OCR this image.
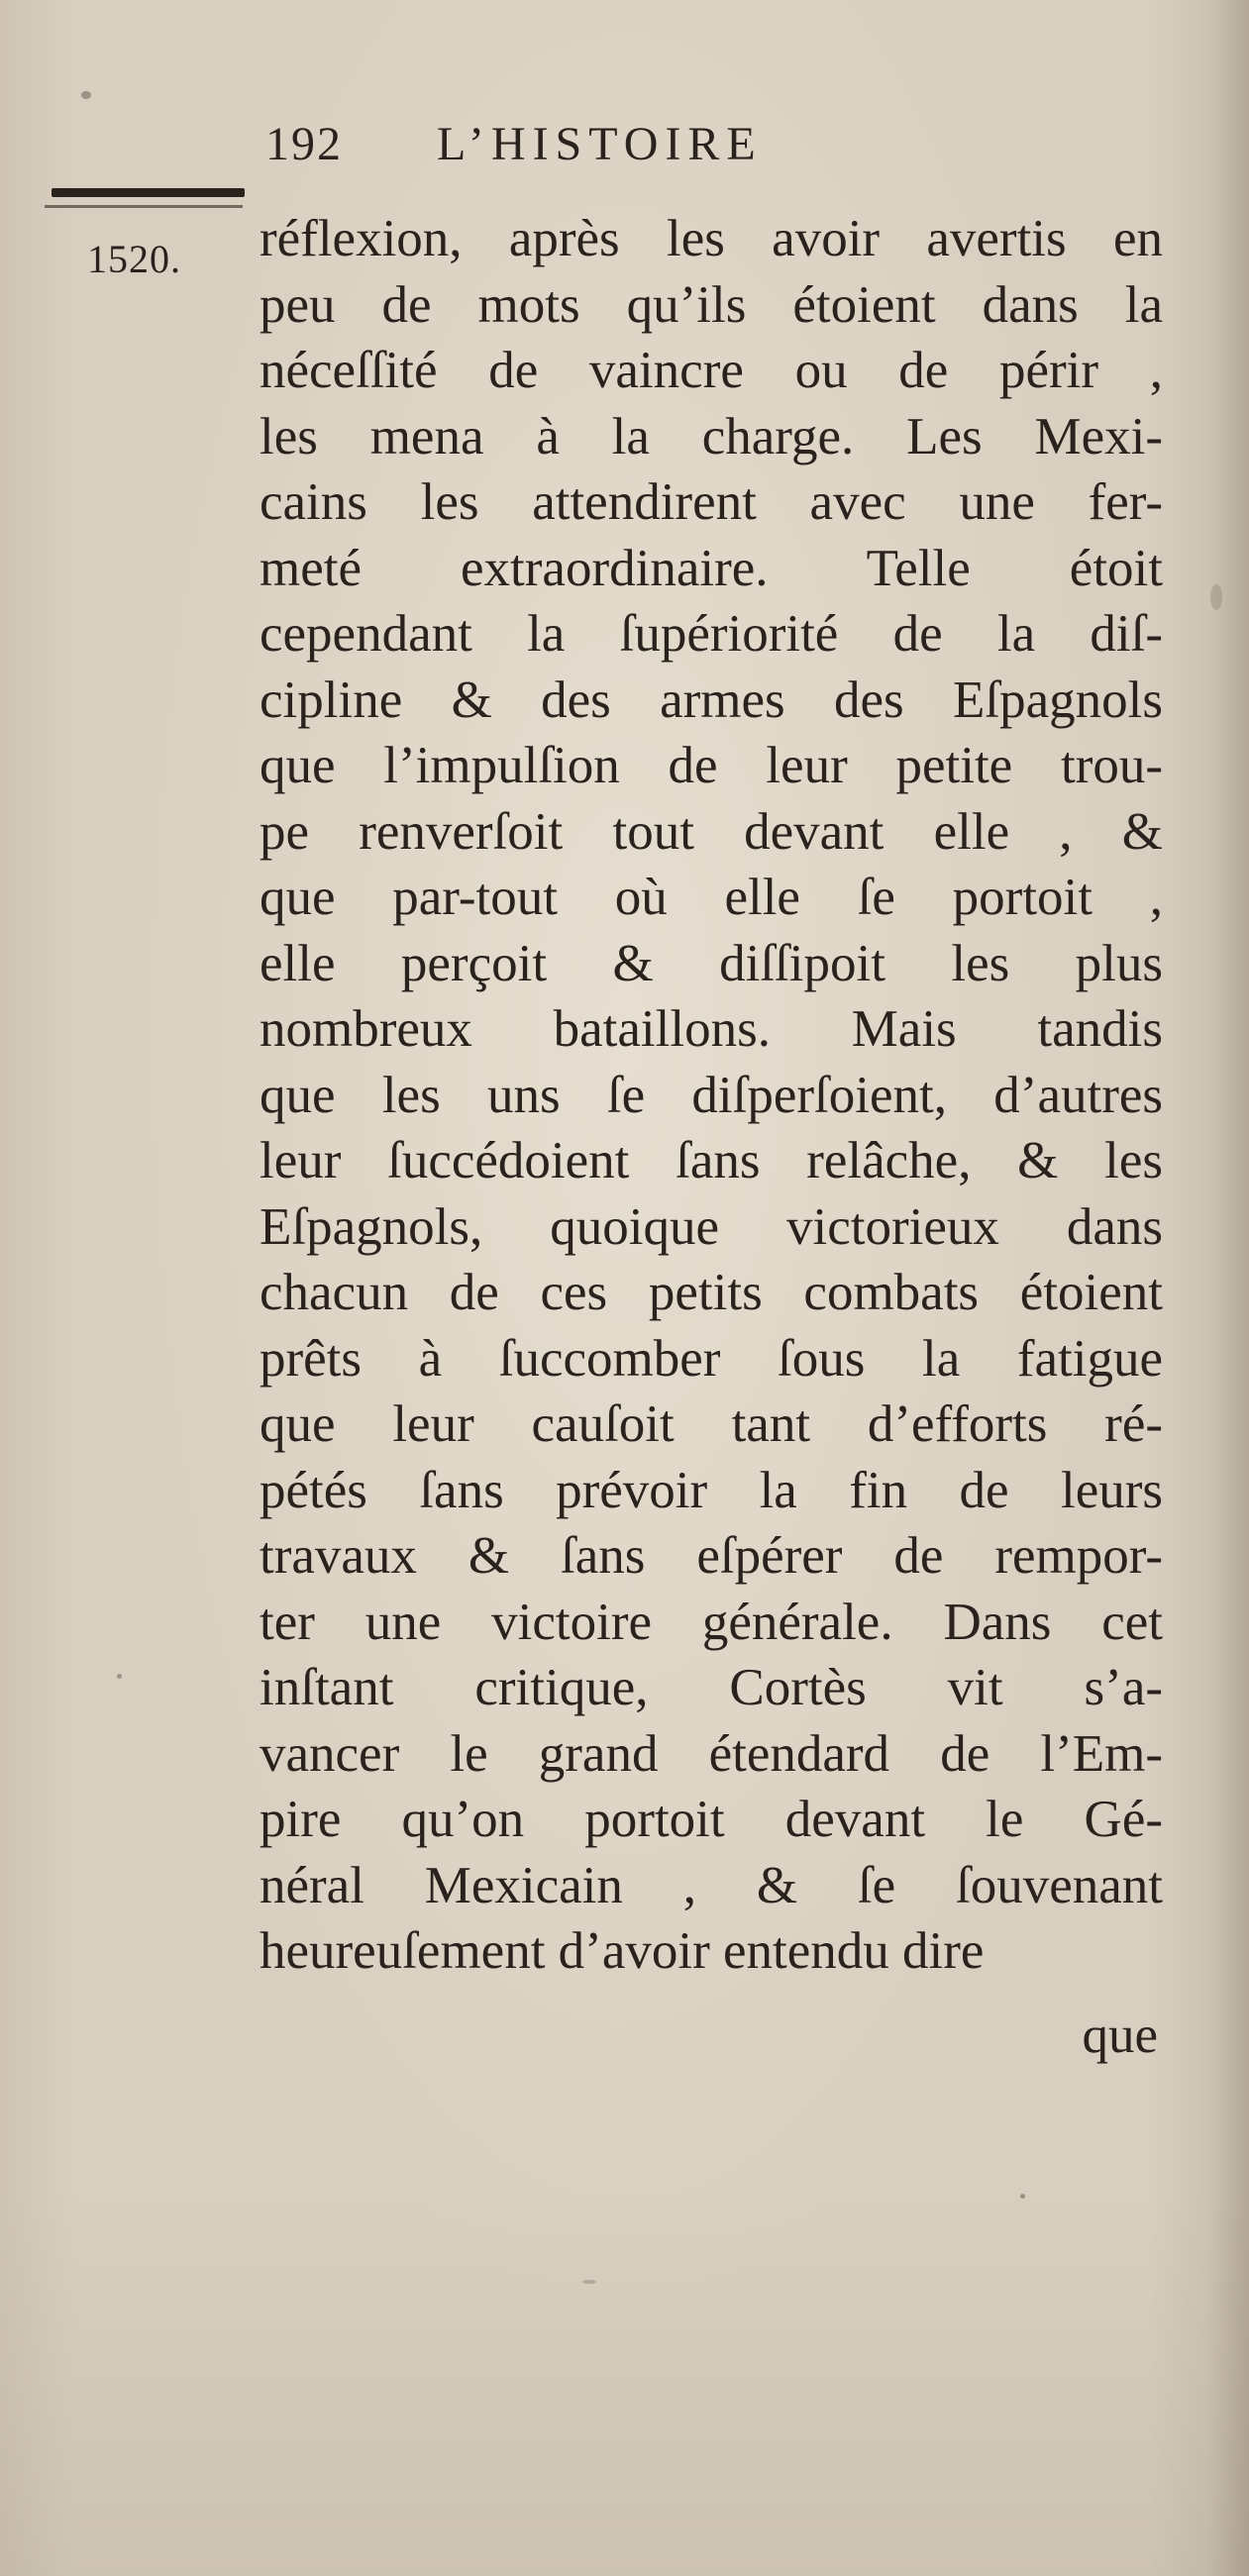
192 L’HISTOIRE
1520. réflexion, après les avoir avertis en
peu de mots qu’ils étoient dans la
néceſſité de vaincre ou de périr ,
les mena à la charge. Les Mexi-
cains les attendirent avec une fer-
meté extraordinaire. Telle étoit
cependant la ſupériorité de la diſ-
cipline & des armes des Eſpagnols
que l’impulſion de leur petite trou-
pe renverſoit tout devant elle , &
que par-tout où elle ſe portoit ,
elle perçoit & diſſipoit les plus
nombreux bataillons. Mais tandis
que les uns ſe diſperſoient, d’autres
leur ſuccédoient ſans relâche, & les
Eſpagnols, quoique victorieux dans
chacun de ces petits combats étoient
prêts à ſuccomber ſous la fatigue
que leur cauſoit tant d’efforts ré-
pétés ſans prévoir la fin de leurs
travaux & ſans eſpérer de rempor-
ter une victoire générale. Dans cet
inſtant critique, Cortès vit s’a-
vancer le grand étendard de l’Em-
pire qu’on portoit devant le Gé-
néral Mexicain , & ſe ſouvenant
heureuſement d’avoir entendu dire
que
